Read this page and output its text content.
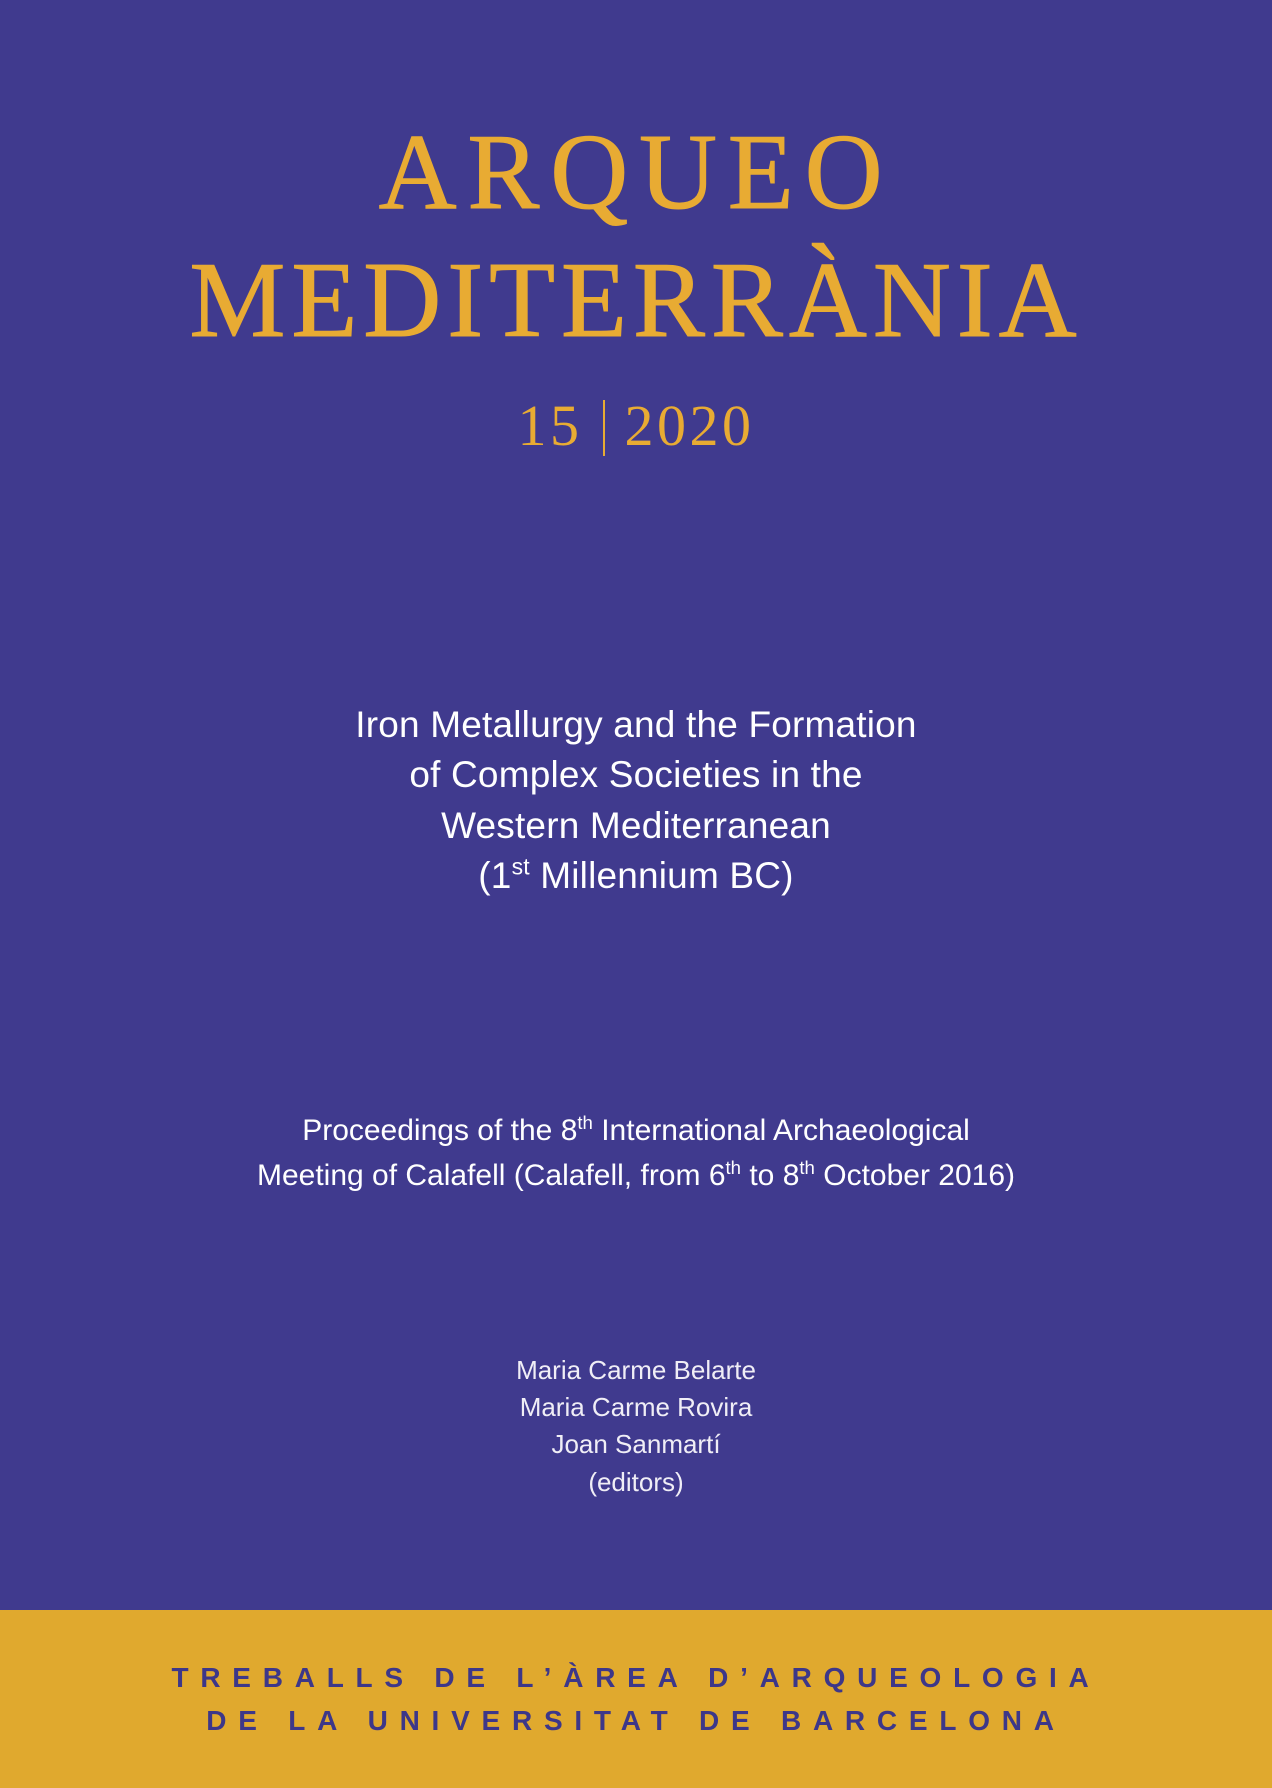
ARQUEO
MEDITERRÀNIA
15 2020
Iron Metallurgy and the Formation
of Complex Societies in the
Western Mediterranean
(1st Millennium BC)
Proceedings of the 8th International Archaeological
Meeting of Calafell (Calafell, from 6th to 8th October 2016)
Maria Carme Belarte
Maria Carme Rovira
Joan Sanmartí
(editors)
TREBALLS DE L’ÀREA D’ARQUEOLOGIA
DE LA UNIVERSITAT DE BARCELONA
